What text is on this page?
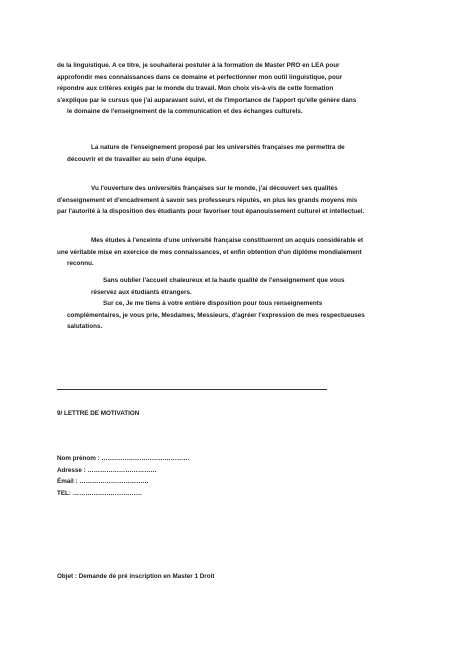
de la linguistique. A ce titre, je souhaiterai postuler à la formation de Master PRO en LEA pour
approfondir mes connaissances dans ce domaine et perfectionner mon outil linguistique, pour
répondre aux critères exigés par le monde du travail. Mon choix vis-à-vis de cette formation
s'explique par le cursus que j'ai auparavant suivi, et de l'importance de l'apport qu'elle génère dans
le domaine de l'enseignement de la communication et des échanges culturels.
La nature de l'enseignement proposé par les universités françaises me permettra de
découvrir et de travailler au sein d'une équipe.
Vu l'ouverture des universités françaises sur le monde, j'ai découvert ses qualités
d'enseignement et d'encadrement à savoir ses professeurs réputés, en plus les grands moyens mis
par l'autorité à la disposition des étudiants pour favoriser tout épanouissement culturel et intellectuel.
Mes études à l'enceinte d'une université française constitueront un acquis considérable et
une véritable mise en exercice de mes connaissances, et enfin obtention d'un diplôme mondialement
reconnu.
Sans oublier l'accueil chaleureux et la haute qualité de l'enseignement que vous
réservez aux étudiants étrangers.
Sur ce, Je me tiens à votre entière disposition pour tous renseignements
complémentaires, je vous prie, Mesdames, Messieurs, d'agréer l'expression de mes respectueuses
salutations.
9/ LETTRE DE MOTIVATION
Nom prénom : ……………………………………
Adresse : ……………………………
Émail : ……………………………
TEL: ……………………………
Objet : Demande de pré inscription en Master 1 Droit
